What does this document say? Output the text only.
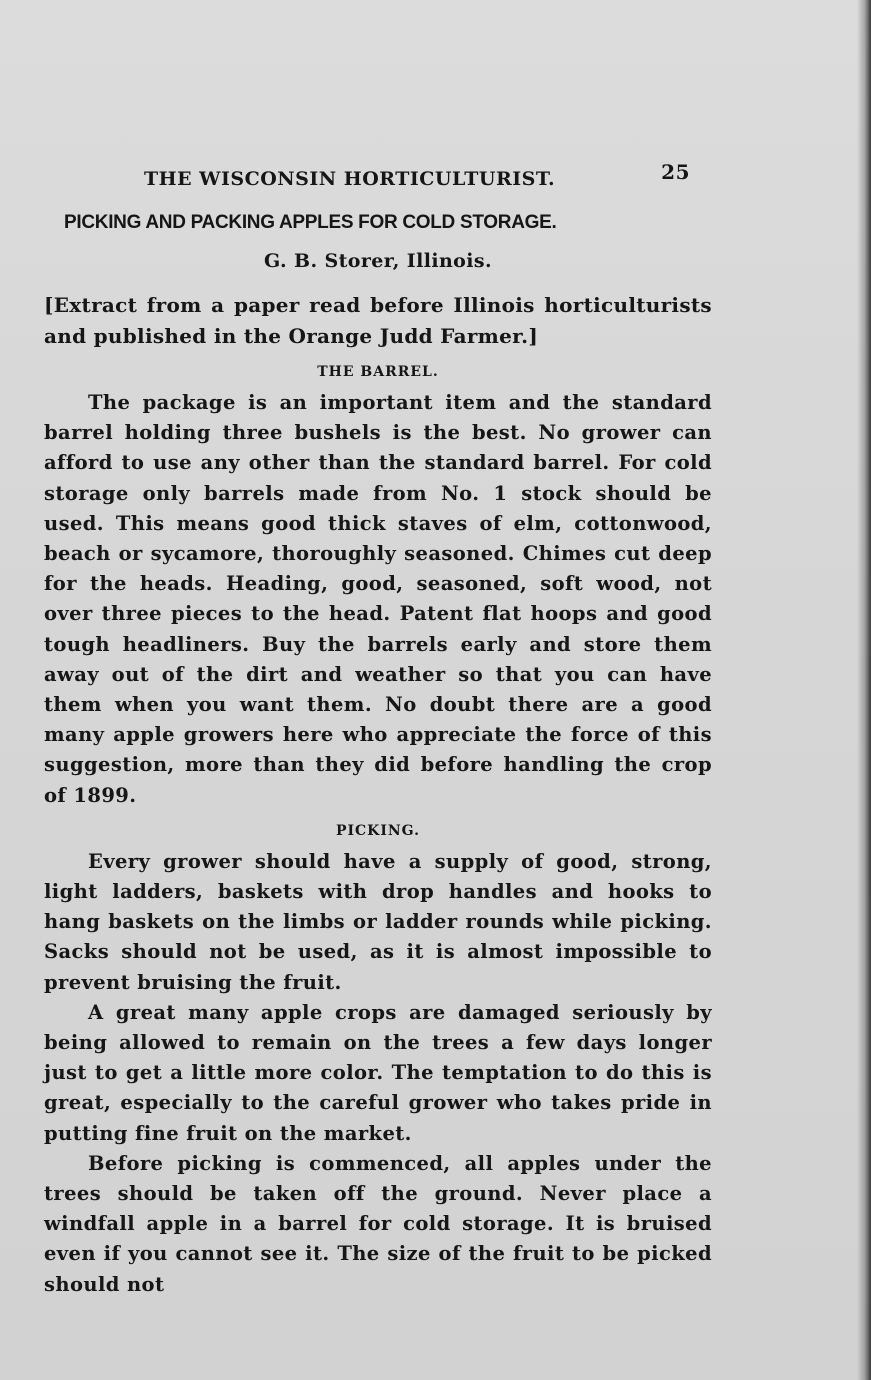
THE WISCONSIN HORTICULTURIST.	25
PICKING AND PACKING APPLES FOR COLD STORAGE.
G. B. Storer, Illinois.
[Extract from a paper read before Illinois horticulturists and published in the Orange Judd Farmer.]
THE BARREL.

The package is an important item and the standard barrel holding three bushels is the best. No grower can afford to use any other than the standard barrel. For cold storage only barrels made from No. 1 stock should be used. This means good thick staves of elm, cottonwood, beach or sycamore, thoroughly seasoned. Chimes cut deep for the heads. Heading, good, seasoned, soft wood, not over three pieces to the head. Patent flat hoops and good tough headliners. Buy the barrels early and store them away out of the dirt and weather so that you can have them when you want them. No doubt there are a good many apple growers here who appreciate the force of this suggestion, more than they did before handling the crop of 1899.

PICKING.

Every grower should have a supply of good, strong, light ladders, baskets with drop handles and hooks to hang baskets on the limbs or ladder rounds while picking. Sacks should not be used, as it is almost impossible to prevent bruising the fruit.

A great many apple crops are damaged seriously by being allowed to remain on the trees a few days longer just to get a little more color. The temptation to do this is great, especially to the careful grower who takes pride in putting fine fruit on the market.

Before picking is commenced, all apples under the trees should be taken off the ground. Never place a windfall apple in a barrel for cold storage. It is bruised even if you cannot see it. The size of the fruit to be picked should not
